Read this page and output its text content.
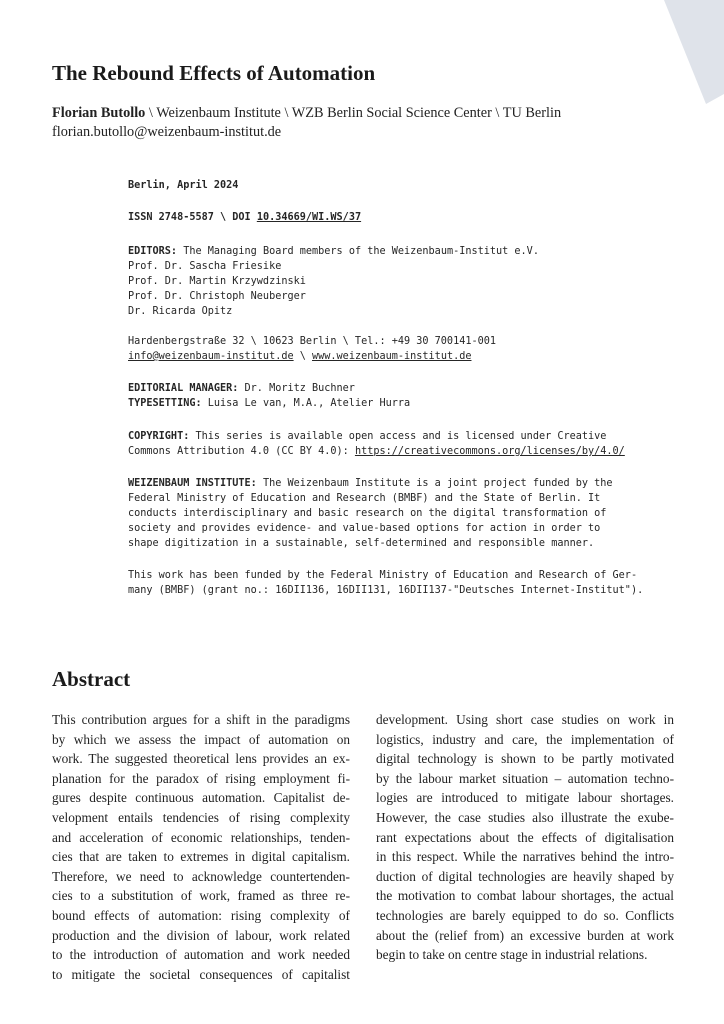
The Rebound Effects of Automation
Florian Butollo \ Weizenbaum Institute \ WZB Berlin Social Science Center \ TU Berlin
florian.butollo@weizenbaum-institut.de
Berlin, April 2024
ISSN 2748-5587 \ DOI 10.34669/WI.WS/37
EDITORS: The Managing Board members of the Weizenbaum-Institut e.V.
Prof. Dr. Sascha Friesike
Prof. Dr. Martin Krzywdzinski
Prof. Dr. Christoph Neuberger
Dr. Ricarda Opitz
Hardenbergstraße 32 \ 10623 Berlin \ Tel.: +49 30 700141-001
info@weizenbaum-institut.de \ www.weizenbaum-institut.de
EDITORIAL MANAGER: Dr. Moritz Buchner
TYPESETTING: Luisa Le van, M.A., Atelier Hurra
COPYRIGHT: This series is available open access and is licensed under Creative
Commons Attribution 4.0 (CC BY 4.0): https://creativecommons.org/licenses/by/4.0/
WEIZENBAUM INSTITUTE: The Weizenbaum Institute is a joint project funded by the
Federal Ministry of Education and Research (BMBF) and the State of Berlin. It
conducts interdisciplinary and basic research on the digital transformation of
society and provides evidence- and value-based options for action in order to
shape digitization in a sustainable, self-determined and responsible manner.
This work has been funded by the Federal Ministry of Education and Research of Ger-
many (BMBF) (grant no.: 16DII136, 16DII131, 16DII137-"Deutsches Internet-Institut").
Abstract
This contribution argues for a shift in the paradigms
by which we assess the impact of automation on
work. The suggested theoretical lens provides an ex-
planation for the paradox of rising employment fi-
gures despite continuous automation. Capitalist de-
velopment entails tendencies of rising complexity
and acceleration of economic relationships, tenden-
cies that are taken to extremes in digital capitalism.
Therefore, we need to acknowledge countertenden-
cies to a substitution of work, framed as three re-
bound effects of automation: rising complexity of
production and the division of labour, work related
to the introduction of automation and work needed
to mitigate the societal consequences of capitalist
development. Using short case studies on work in
logistics, industry and care, the implementation of
digital technology is shown to be partly motivated
by the labour market situation – automation techno-
logies are introduced to mitigate labour shortages.
However, the case studies also illustrate the exube-
rant expectations about the effects of digitalisation
in this respect. While the narratives behind the intro-
duction of digital technologies are heavily shaped by
the motivation to combat labour shortages, the actual
technologies are barely equipped to do so. Conflicts
about the (relief from) an excessive burden at work
begin to take on centre stage in industrial relations.
